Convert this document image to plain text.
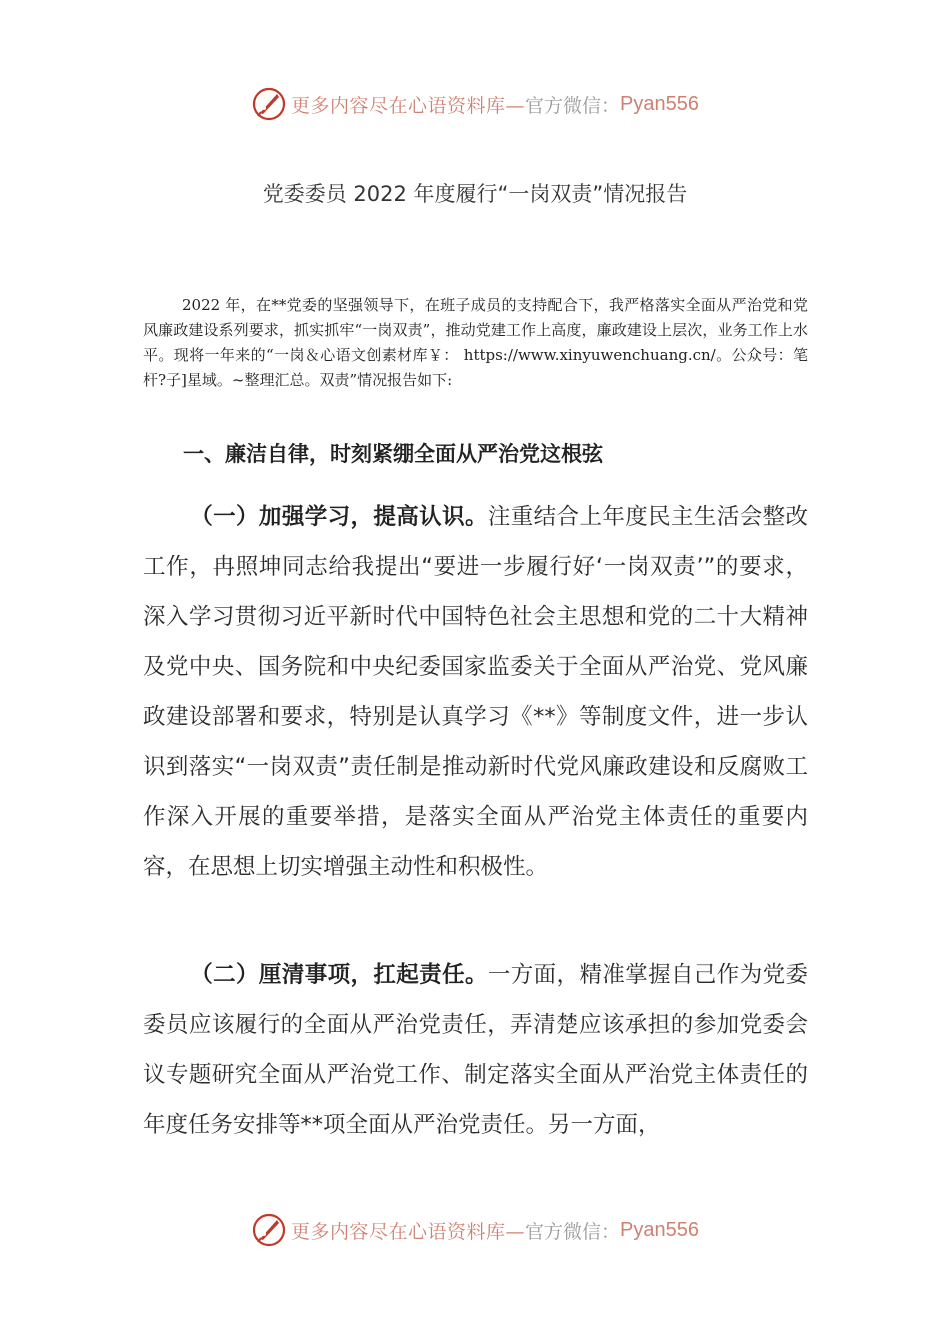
更多内容尽在心语资料库— 官方微信： Pyan556
党委委员 2022 年度履行“一岗双责”情况报告

2022 年，在**党委的坚强领导下，在班子成员的支持配合下，我严格落实全面从严治党和党风廉政建设系列要求，抓实抓牢“一岗双责”，推动党建工作上高度，廉政建设上层次，业务工作上水平。现将一年来的“一岗＆心语文创素材库￥： https://www.xinyuwenchuang.cn/。公众号：笔杆?子]星域。~整理汇总。双责”情况报告如下:

一、廉洁自律，时刻紧绷全面从严治党这根弦

（一）加强学习，提高认识。注重结合上年度民主生活会整改工作，冉照坤同志给我提出“要进一步履行好‘一岗双责’”的要求，深入学习贯彻习近平新时代中国特色社会主思想和党的二十大精神及党中央、国务院和中央纪委国家监委关于全面从严治党、党风廉政建设部署和要求，特别是认真学习《**》等制度文件，进一步认识到落实“一岗双责”责任制是推动新时代党风廉政建设和反腐败工作深入开展的重要举措，是落实全面从严治党主体责任的重要内容，在思想上切实增强主动性和积极性。

（二）厘清事项，扛起责任。一方面，精准掌握自己作为党委委员应该履行的全面从严治党责任，弄清楚应该承担的参加党委会议专题研究全面从严治党工作、制定落实全面从严治党主体责任的年度任务安排等**项全面从严治党责任。另一方面，

更多内容尽在心语资料库— 官方微信： Pyan556
